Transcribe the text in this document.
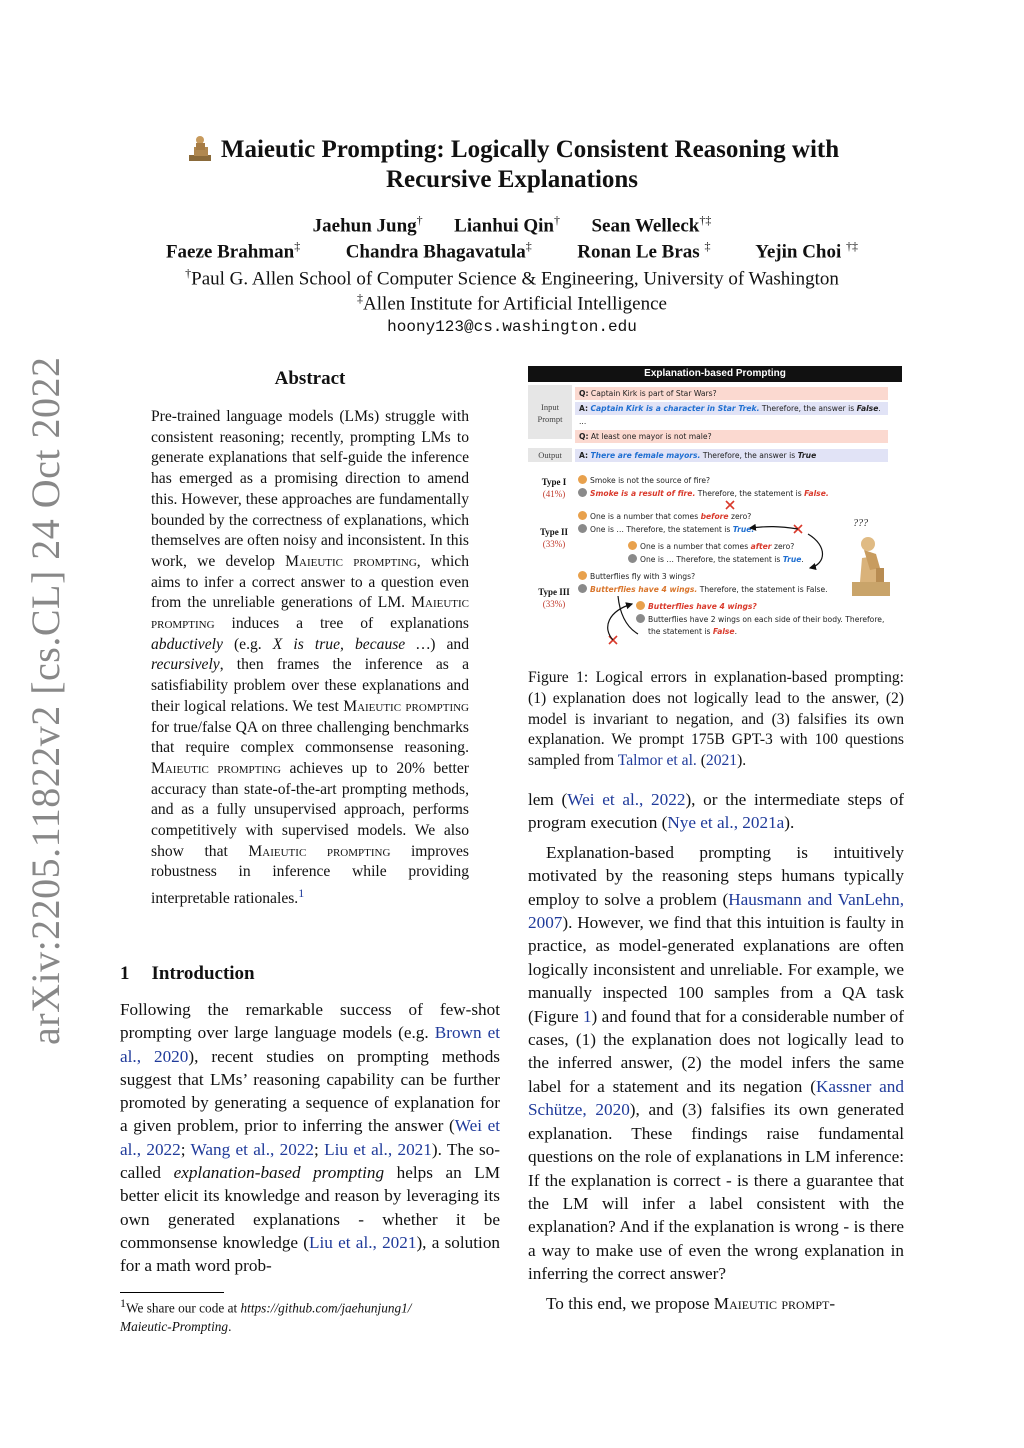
arXiv:2205.11822v2 [cs.CL] 24 Oct 2022
Maieutic Prompting: Logically Consistent Reasoning with
Recursive Explanations
Jaehun Jung† Lianhui Qin† Sean Welleck†‡
Faeze Brahman‡ Chandra Bhagavatula‡ Ronan Le Bras ‡ Yejin Choi †‡
†Paul G. Allen School of Computer Science & Engineering, University of Washington
‡Allen Institute for Artificial Intelligence
hoony123@cs.washington.edu
Abstract
Pre-trained language models (LMs) struggle with consistent reasoning; recently, prompting LMs to generate explanations that self-guide the inference has emerged as a promising direction to amend this. However, these approaches are fundamentally bounded by the correctness of explanations, which themselves are often noisy and inconsistent. In this work, we develop Maieutic prompting, which aims to infer a correct answer to a question even from the unreliable generations of LM. Maieutic prompting induces a tree of explanations abductively (e.g. X is true, because …) and recursively, then frames the inference as a satisfiability problem over these explanations and their logical relations. We test Maieutic prompting for true/false QA on three challenging benchmarks that require complex commonsense reasoning. Maieutic prompting achieves up to 20% better accuracy than state-of-the-art prompting methods, and as a fully unsupervised approach, performs competitively with supervised models. We also show that Maieutic prompting improves robustness in inference while providing interpretable rationales.$^1$
1 Introduction
Following the remarkable success of few-shot prompting over large language models (e.g. Brown et al., 2020), recent studies on prompting methods suggest that LMs’ reasoning capability can be further promoted by generating a sequence of explanation for a given problem, prior to inferring the answer (Wei et al., 2022; Wang et al., 2022; Liu et al., 2021). The so-called explanation-based prompting helps an LM better elicit its knowledge and reason by leveraging its own generated explanations - whether it be commonsense knowledge (Liu et al., 2021), a solution for a math word prob-
$^1$We share our code at https://github.com/jaehunjung1/
Maieutic-Prompting.
Explanation-based Prompting
Input
Prompt
Output
Q: Captain Kirk is part of Star Wars?
A: Captain Kirk is a character in Star Trek. Therefore, the answer is False.
...
Q: At least one mayor is not male?
A: There are female mayors. Therefore, the answer is True
Type I
(41%)
Smoke is not the source of fire?
Smoke is a result of fire. Therefore, the statement is False.
Type II
(33%)
One is a number that comes before zero?
One is … Therefore, the statement is True.
One is a number that comes after zero?
One is … Therefore, the statement is True.
???
Type III
(33%)
Butterflies fly with 3 wings?
Butterflies have 4 wings. Therefore, the statement is False.
Butterflies have 4 wings?
Butterflies have 2 wings on each side of their body. Therefore,
the statement is False.
Figure 1: Logical errors in explanation-based prompting: (1) explanation does not logically lead to the answer, (2) model is invariant to negation, and (3) falsifies its own explanation. We prompt 175B GPT-3 with 100 questions sampled from Talmor et al. (2021).

lem (Wei et al., 2022), or the intermediate steps of program execution (Nye et al., 2021a).

Explanation-based prompting is intuitively motivated by the reasoning steps humans typically employ to solve a problem (Hausmann and VanLehn, 2007). However, we find that this intuition is faulty in practice, as model-generated explanations are often logically inconsistent and unreliable. For example, we manually inspected 100 samples from a QA task (Figure 1) and found that for a considerable number of cases, (1) the explanation does not logically lead to the inferred answer, (2) the model infers the same label for a statement and its negation (Kassner and Schütze, 2020), and (3) falsifies its own generated explanation. These findings raise fundamental questions on the role of explanations in LM inference: If the explanation is correct - is there a guarantee that the LM will infer a label consistent with the explanation? And if the explanation is wrong - is there a way to make use of even the wrong explanation in inferring the correct answer?

To this end, we propose Maieutic prompt-
